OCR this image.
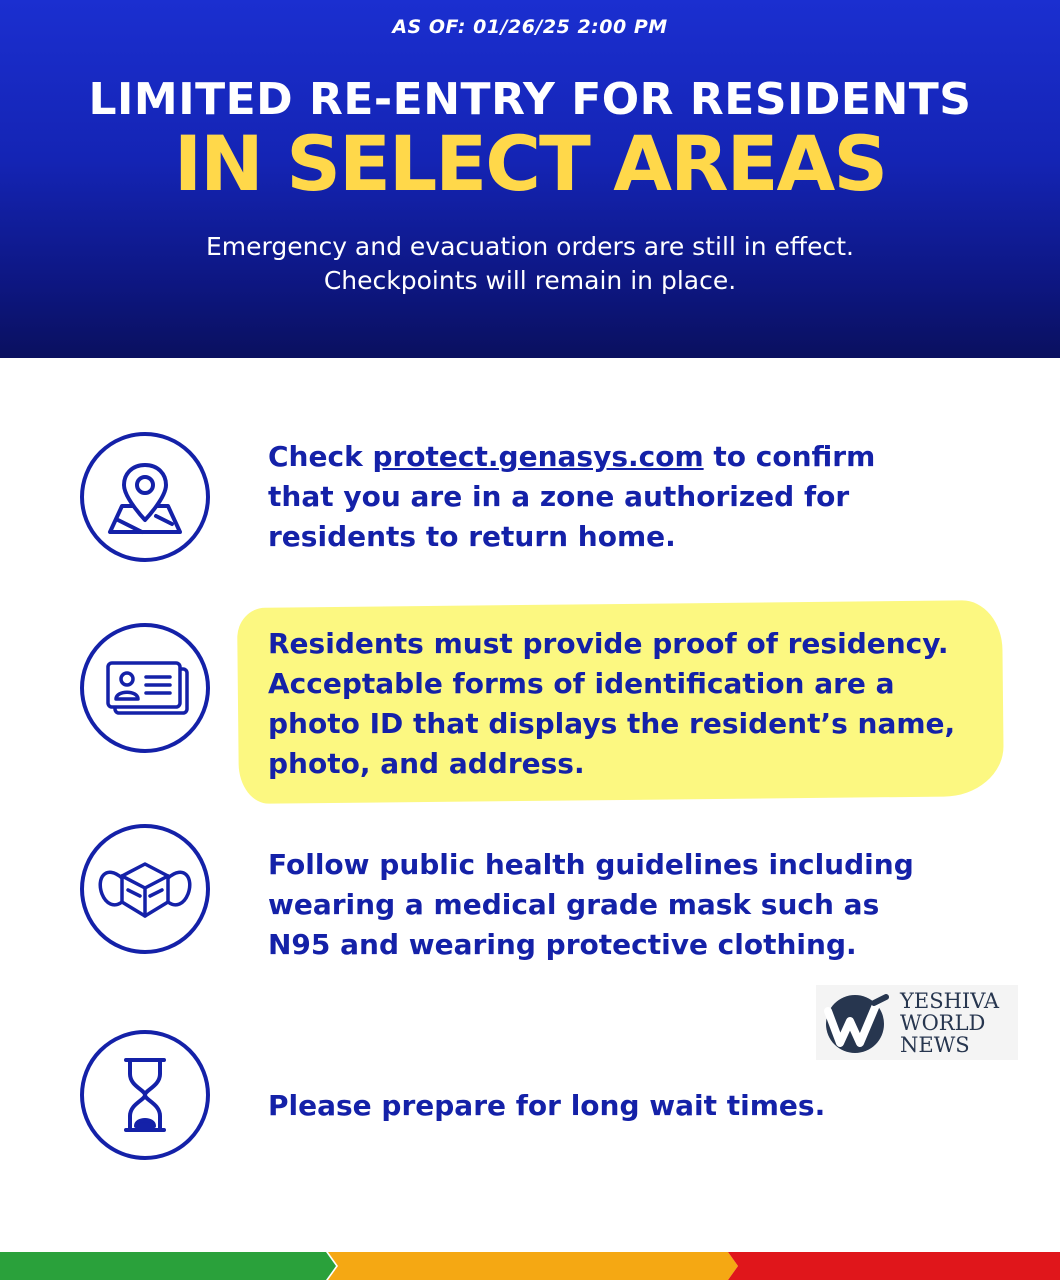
AS OF: 01/26/25 2:00 PM
LIMITED RE-ENTRY FOR RESIDENTS
IN SELECT AREAS
Emergency and evacuation orders are still in effect.
Checkpoints will remain in place.
Check protect.genasys.com to confirm
that you are in a zone authorized for
residents to return home.
Residents must provide proof of residency.
Acceptable forms of identification are a
photo ID that displays the resident’s name,
photo, and address.
Follow public health guidelines including
wearing a medical grade mask such as
N95 and wearing protective clothing.
YESHIVA
WORLD
NEWS
Please prepare for long wait times.
